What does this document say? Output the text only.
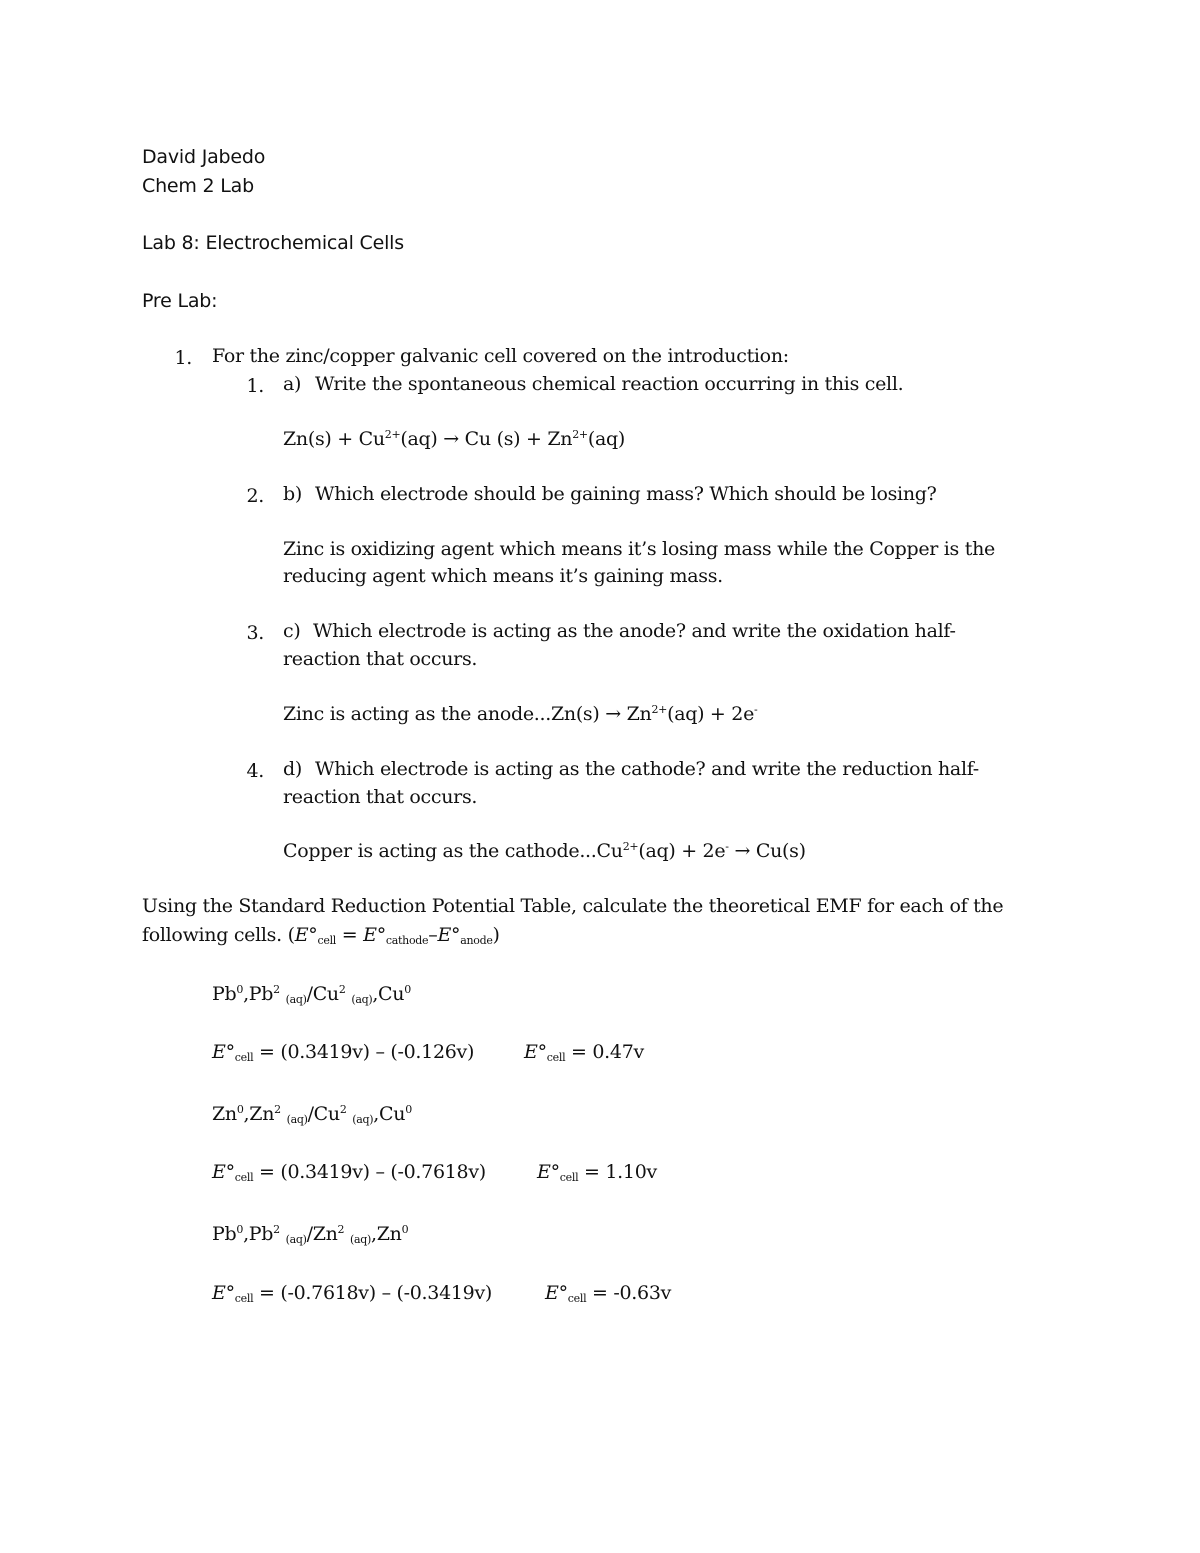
David Jabedo
Chem 2 Lab
Lab 8: Electrochemical Cells
Pre Lab:
1. For the zinc/copper galvanic cell covered on the introduction:
1. a) Write the spontaneous chemical reaction occurring in this cell.
$Zn(s) + Cu^{2+}(aq) \to Cu$ $(s) + Zn^{2+}(aq)$
2. b) Which electrode should be gaining mass? Which should be losing?
Zinc is oxidizing agent which means it’s losing mass while the Copper is the
reducing agent which means it’s gaining mass.
3. c) Which electrode is acting as the anode? and write the oxidation half-
reaction that occurs.
Zinc is acting as the anode...Zn(s) → $Zn^{2+}(aq) + 2e^-$
4. d) Which electrode is acting as the cathode? and write the reduction half-
reaction that occurs.
Copper is acting as the $cathode...Cu^{2+}(aq) + 2e^- \to Cu(s)$
Using the Standard Reduction Potential Table, calculate the theoretical EMF for each of the
following cells. $(E^\circ_{cell} = E^\circ_{cathode}-E^\circ_{anode})$
Pb$^0$,Pb$^2$ $_{(aq)}/Cu^2$ $_{(aq)},Cu^0$
$E^\circ_{cell} = (0.3419v) - (-0.126v)$	$E^\circ_{cell} = 0.47v$
Zn$^0$,Zn$^2$ $_{(aq)}/Cu^2$ $_{(aq)},Cu^0$
$E^\circ_{cell} = (0.3419v) - (-0.7618v)$	$E^\circ_{cell} = 1.10v$
Pb$^0$,Pb$^2$ $_{(aq)}/Zn^2$ $_{(aq)},Zn^0$
$E^\circ_{cell} = (-0.7618v) - (-0.3419v)$	$E^\circ_{cell} = -0.63v$
